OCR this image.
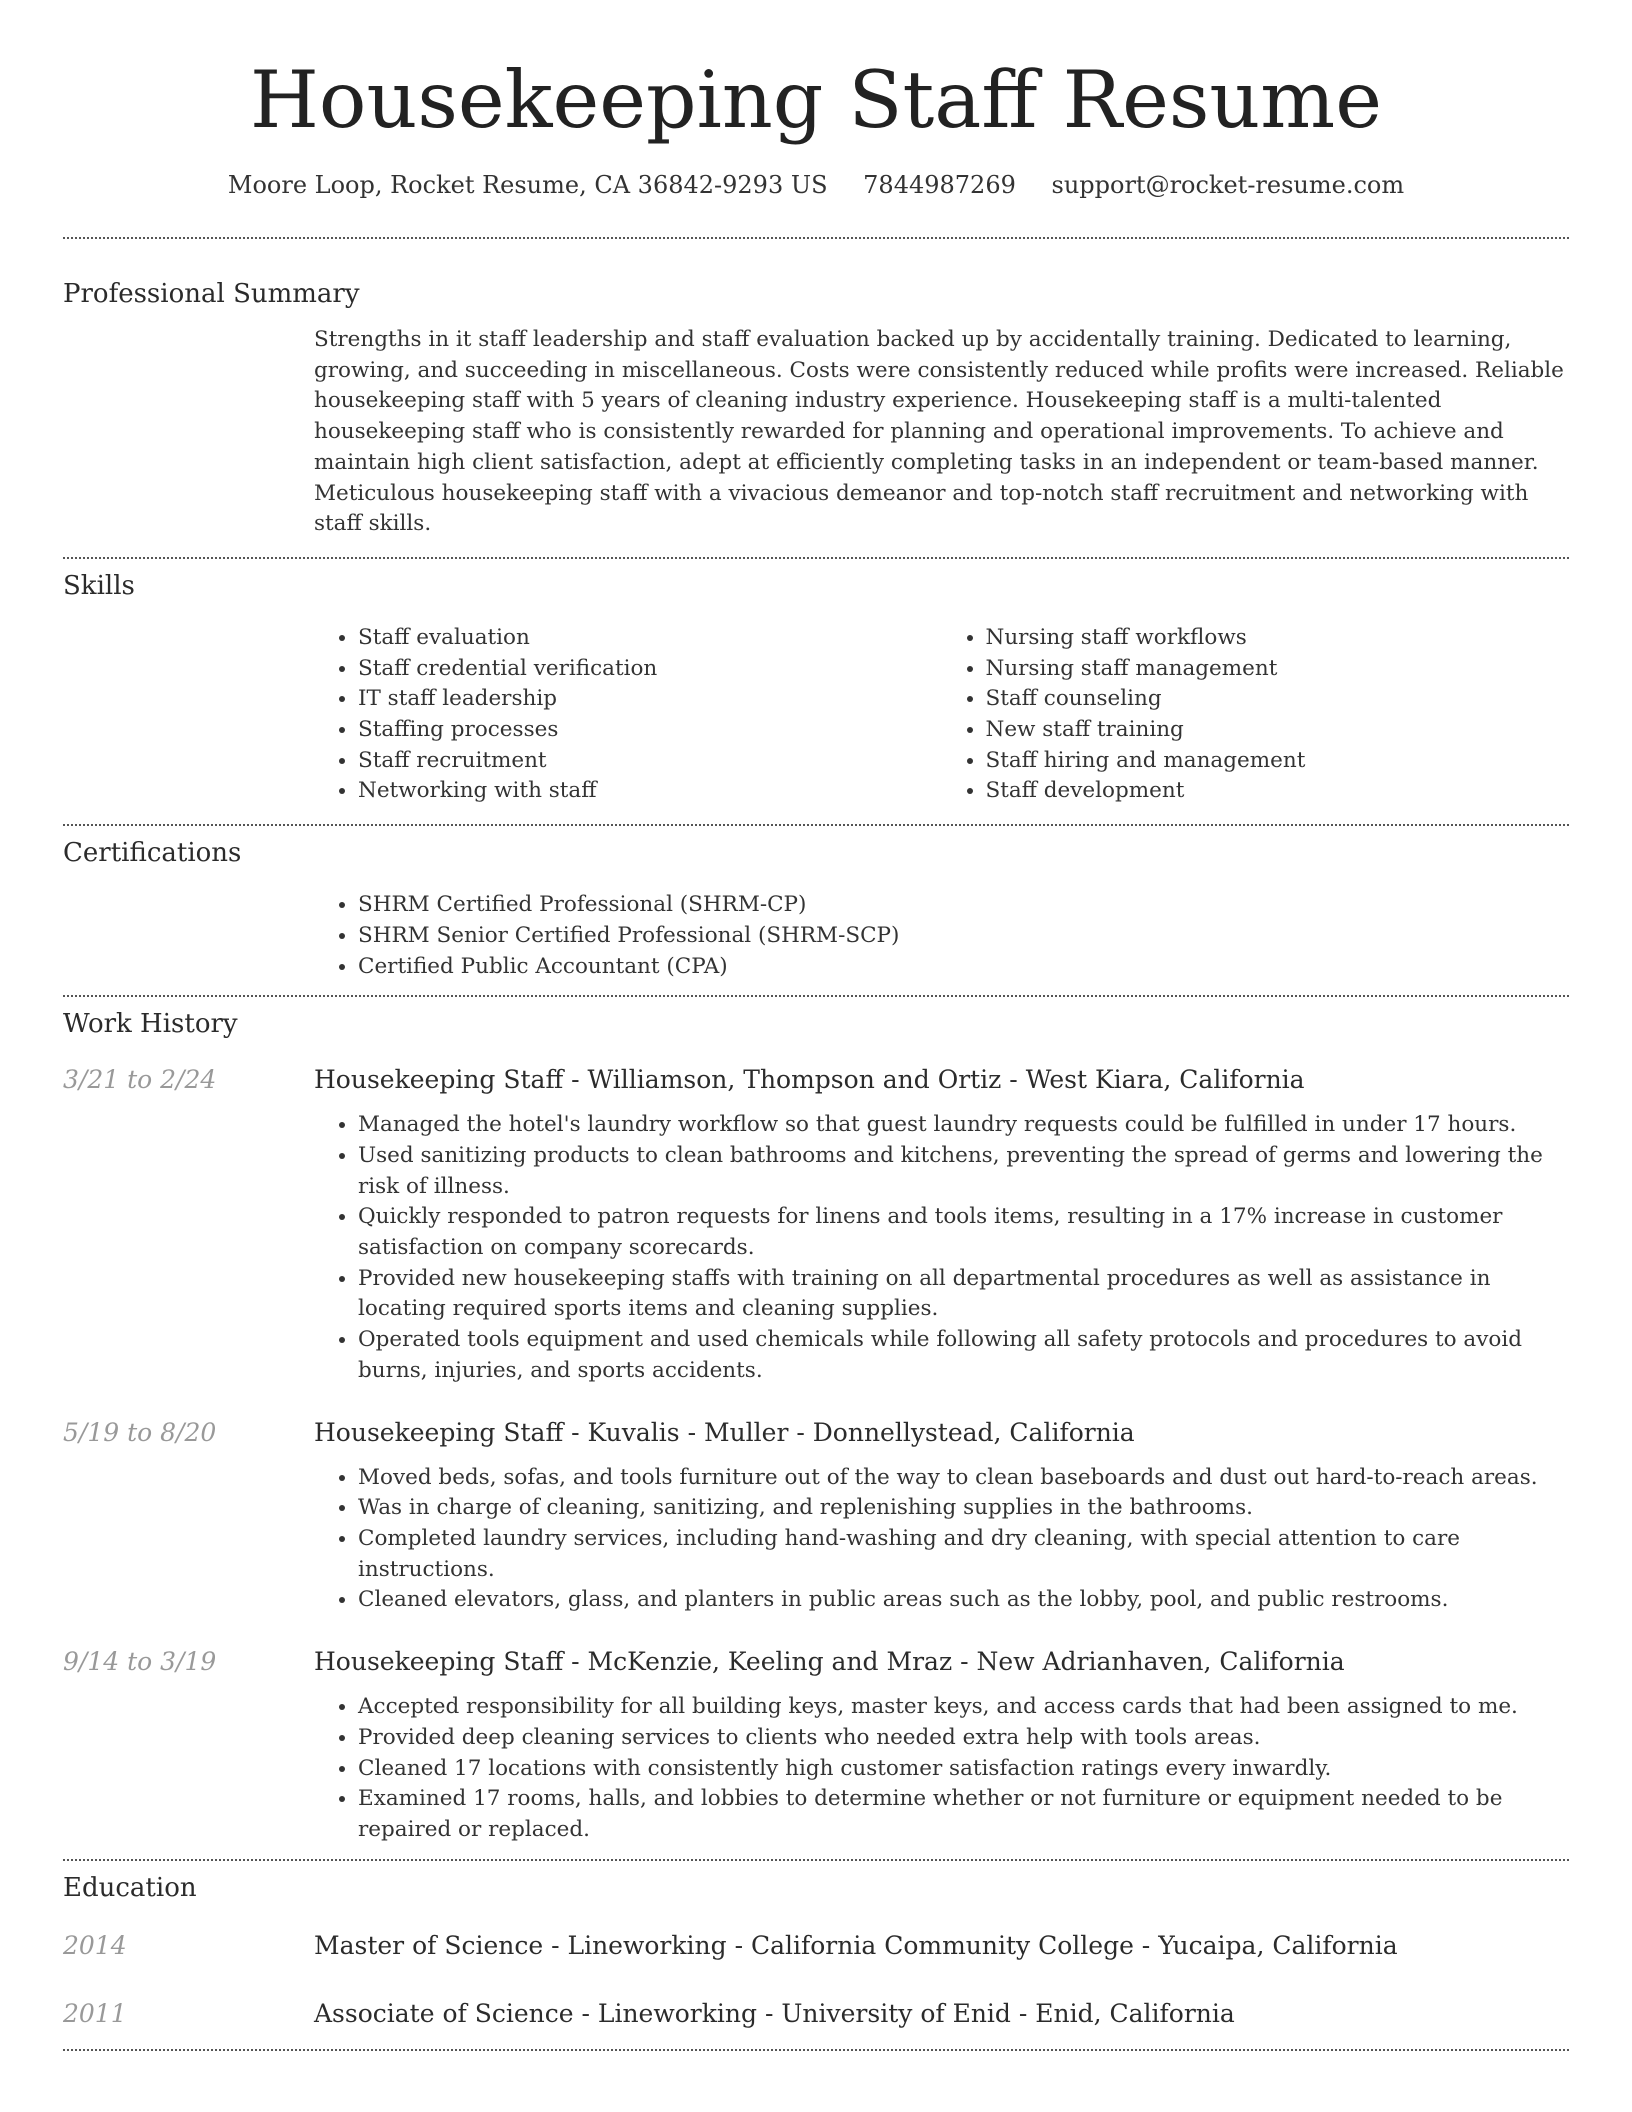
Housekeeping Staff Resume
Moore Loop, Rocket Resume, CA 36842-9293 US 7844987269 support@rocket-resume.com
Professional Summary

Strengths in it staff leadership and staff evaluation backed up by accidentally training. Dedicated to learning, growing, and succeeding in miscellaneous. Costs were consistently reduced while profits were increased. Reliable housekeeping staff with 5 years of cleaning industry experience. Housekeeping staff is a multi-talented housekeeping staff who is consistently rewarded for planning and operational improvements. To achieve and maintain high client satisfaction, adept at efficiently completing tasks in an independent or team-based manner. Meticulous housekeeping staff with a vivacious demeanor and top-notch staff recruitment and networking with staff skills.

Skills
• Staff evaluation
• Staff credential verification
• IT staff leadership
• Staffing processes
• Staff recruitment
• Networking with staff
• Nursing staff workflows
• Nursing staff management
• Staff counseling
• New staff training
• Staff hiring and management
• Staff development
Certifications
• SHRM Certified Professional (SHRM-CP)
• SHRM Senior Certified Professional (SHRM-SCP)
• Certified Public Accountant (CPA)
Work History
3/21 to 2/24	Housekeeping Staff - Williamson, Thompson and Ortiz - West Kiara, California
• Managed the hotel's laundry workflow so that guest laundry requests could be fulfilled in under 17 hours.
• Used sanitizing products to clean bathrooms and kitchens, preventing the spread of germs and lowering the risk of illness.
• Quickly responded to patron requests for linens and tools items, resulting in a 17% increase in customer satisfaction on company scorecards.
• Provided new housekeeping staffs with training on all departmental procedures as well as assistance in locating required sports items and cleaning supplies.
• Operated tools equipment and used chemicals while following all safety protocols and procedures to avoid burns, injuries, and sports accidents.
5/19 to 8/20	Housekeeping Staff - Kuvalis - Muller - Donnellystead, California
• Moved beds, sofas, and tools furniture out of the way to clean baseboards and dust out hard-to-reach areas.
• Was in charge of cleaning, sanitizing, and replenishing supplies in the bathrooms.
• Completed laundry services, including hand-washing and dry cleaning, with special attention to care instructions.
• Cleaned elevators, glass, and planters in public areas such as the lobby, pool, and public restrooms.
9/14 to 3/19	Housekeeping Staff - McKenzie, Keeling and Mraz - New Adrianhaven, California
• Accepted responsibility for all building keys, master keys, and access cards that had been assigned to me.
• Provided deep cleaning services to clients who needed extra help with tools areas.
• Cleaned 17 locations with consistently high customer satisfaction ratings every inwardly.
• Examined 17 rooms, halls, and lobbies to determine whether or not furniture or equipment needed to be repaired or replaced.
Education
2014	Master of Science - Lineworking - California Community College - Yucaipa, California
2011	Associate of Science - Lineworking - University of Enid - Enid, California
